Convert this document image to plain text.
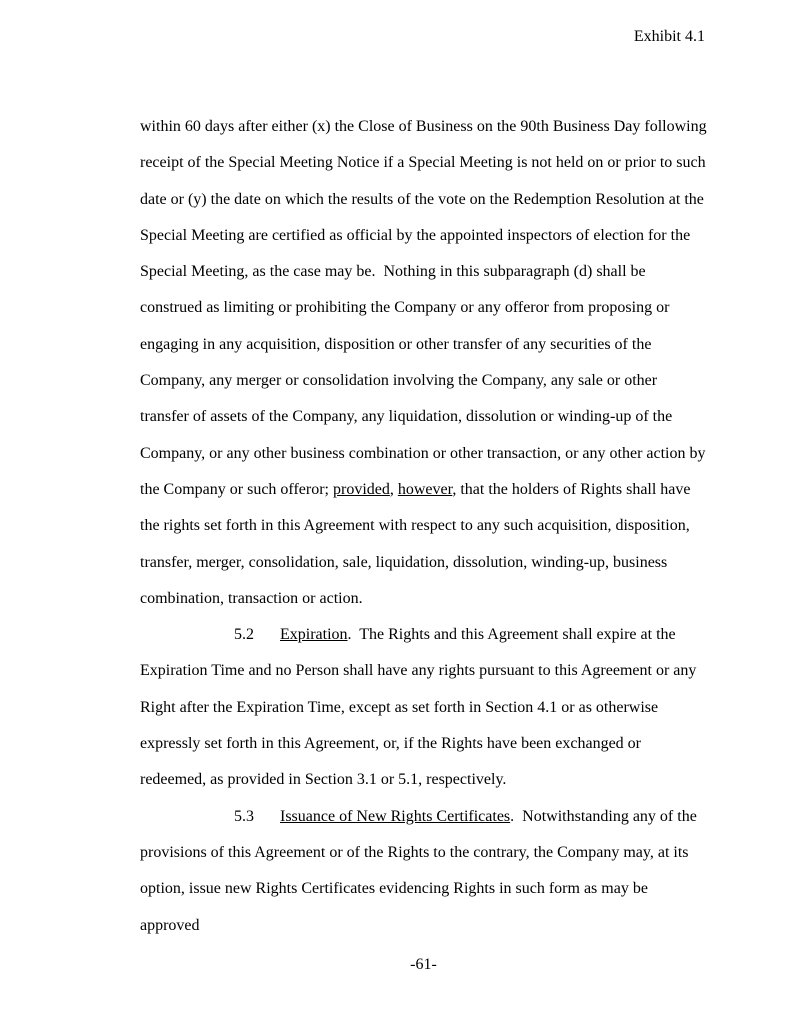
Exhibit 4.1

within 60 days after either (x) the Close of Business on the 90th Business Day following receipt of the Special Meeting Notice if a Special Meeting is not held on or prior to such date or (y) the date on which the results of the vote on the Redemption Resolution at the Special Meeting are certified as official by the appointed inspectors of election for the Special Meeting, as the case may be.  Nothing in this subparagraph (d) shall be construed as limiting or prohibiting the Company or any offeror from proposing or engaging in any acquisition, disposition or other transfer of any securities of the Company, any merger or consolidation involving the Company, any sale or other transfer of assets of the Company, any liquidation, dissolution or winding-up of the Company, or any other business combination or other transaction, or any other action by the Company or such offeror; provided, however, that the holders of Rights shall have the rights set forth in this Agreement with respect to any such acquisition, disposition, transfer, merger, consolidation, sale, liquidation, dissolution, winding-up, business combination, transaction or action.

5.2 Expiration.  The Rights and this Agreement shall expire at the Expiration Time and no Person shall have any rights pursuant to this Agreement or any Right after the Expiration Time, except as set forth in Section 4.1 or as otherwise expressly set forth in this Agreement, or, if the Rights have been exchanged or redeemed, as provided in Section 3.1 or 5.1, respectively.

5.3 Issuance of New Rights Certificates.  Notwithstanding any of the provisions of this Agreement or of the Rights to the contrary, the Company may, at its option, issue new Rights Certificates evidencing Rights in such form as may be approved

-61-
